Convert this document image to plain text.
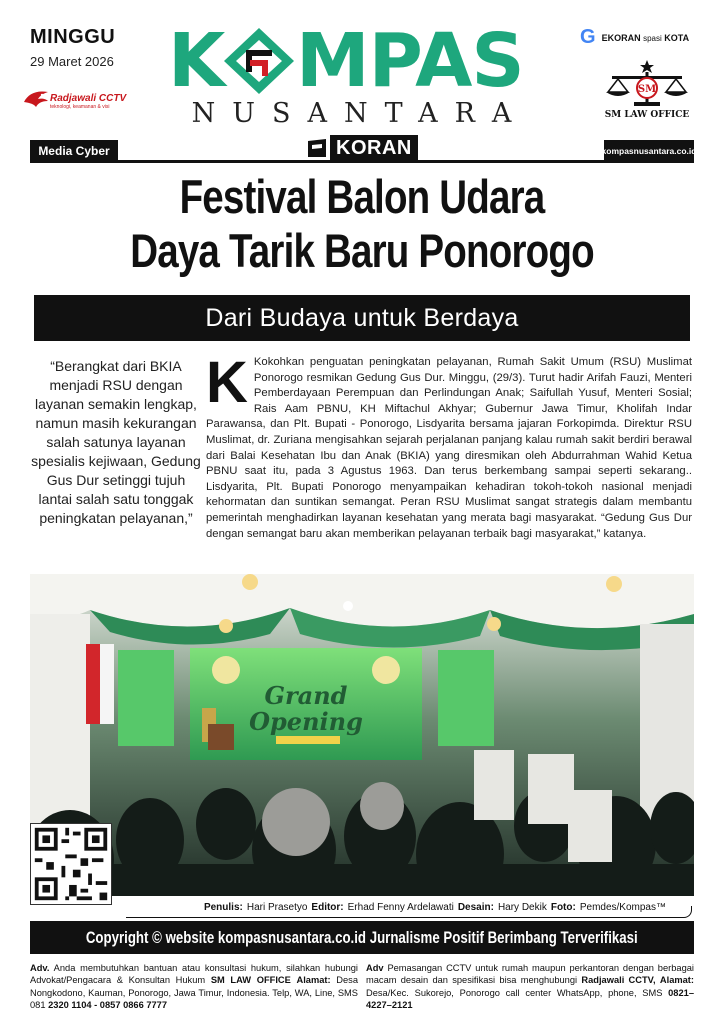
MINGGU
29 Maret 2026
Radjawali CCTV
teknologi, keamanan & visi
K MPAS
NUSANTARA
G EKORAN spasi KOTA
SM
SM LAW OFFICE
Media Cyber	KORAN	kompasnusantara.co.id
Festival Balon Udara
Daya Tarik Baru Ponorogo
Dari Budaya untuk Berdaya
“Berangkat dari BKIA menjadi RSU dengan layanan semakin lengkap, namun masih kekurangan salah satunya layanan spesialis kejiwaan, Gedung Gus Dur setinggi tujuh lantai salah satu tonggak peningkatan pelayanan,”
K Kokohkan penguatan peningkatan pelayanan, Rumah Sakit Umum (RSU) Muslimat Ponorogo resmikan Gedung Gus Dur. Minggu, (29/3). Turut hadir Arifah Fauzi, Menteri Pemberdayaan Perempuan dan Perlindungan Anak; Saifullah Yusuf, Menteri Sosial; Rais Aam PBNU, KH Miftachul Akhyar; Gubernur Jawa Timur, Kholifah Indar Parawansa, dan Plt. Bupati - Ponorogo, Lisdyarita bersama jajaran Forkopimda. Direktur RSU Muslimat, dr. Zuriana mengisahkan sejarah perjalanan panjang kalau rumah sakit berdiri berawal dari Balai Kesehatan Ibu dan Anak (BKIA) yang diresmikan oleh Abdurrahman Wahid Ketua PBNU saat itu, pada 3 Agustus 1963. Dan terus berkembang sampai seperti sekarang.. Lisdyarita, Plt. Bupati Ponorogo menyampaikan kehadiran tokoh-tokoh nasional menjadi kehormatan dan suntikan semangat. Peran RSU Muslimat sangat strategis dalam membantu pemerintah menghadirkan layanan kesehatan yang merata bagi masyarakat. “Gedung Gus Dur dengan semangat baru akan memberikan pelayanan terbaik bagi masyarakat,” katanya.
Grand
Opening
Penulis: Hari Prasetyo Editor: Erhad Fenny Ardelawati Desain: Hary Dekik Foto: Pemdes/Kompas™
Copyright © website kompasnusantara.co.id Jurnalisme Positif Berimbang Terverifikasi
Adv. Anda membutuhkan bantuan atau konsultasi hukum, silahkan hubungi Advokat/Pengacara & Konsultan Hukum SM LAW OFFICE Alamat: Desa Nongkodono, Kauman, Ponorogo, Jawa Timur, Indonesia. Telp, WA, Line, SMS 081 2320 1104 - 0857 0866 7777
Adv Pemasangan CCTV untuk rumah maupun perkantoran dengan berbagai macam desain dan spesifikasi bisa menghubungi Radjawali CCTV, Alamat: Desa/Kec. Sukorejo, Ponorogo call center WhatsApp, phone, SMS 0821–4227–2121
